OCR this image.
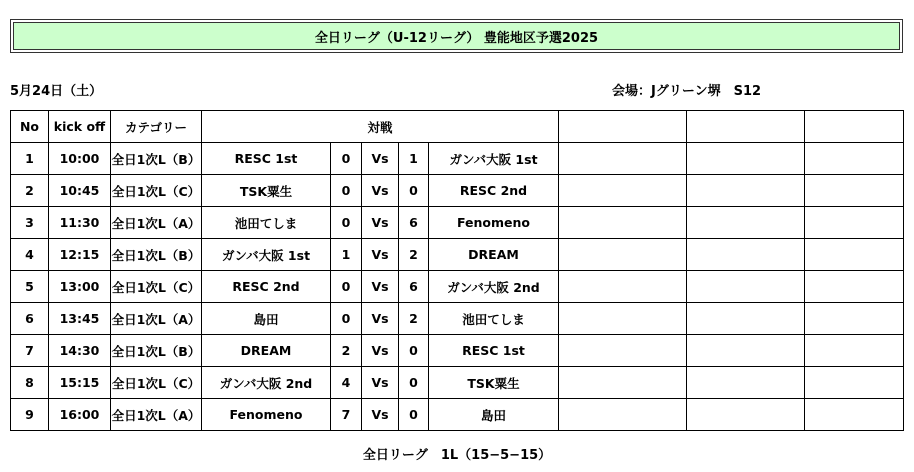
全日リーグ（U-12リーグ） 豊能地区予選2025
5月24日（土）	会場：Jグリーン堺　S12
No	kick off	カテゴリー	対戦							
1	10:00	全日1次L（B）	RESC 1st	0	Vs	1	ガンバ大阪 1st			
2	10:45	全日1次L（C）	TSK粟生	0	Vs	0	RESC 2nd			
3	11:30	全日1次L（A）	池田てしま	0	Vs	6	Fenomeno			
4	12:15	全日1次L（B）	ガンバ大阪 1st	1	Vs	2	DREAM			
5	13:00	全日1次L（C）	RESC 2nd	0	Vs	6	ガンバ大阪 2nd			
6	13:45	全日1次L（A）	島田	0	Vs	2	池田てしま			
7	14:30	全日1次L（B）	DREAM	2	Vs	0	RESC 1st			
8	15:15	全日1次L（C）	ガンバ大阪 2nd	4	Vs	0	TSK粟生			
9	16:00	全日1次L（A）	Fenomeno	7	Vs	0	島田			
全日リーグ　1L（15−5−15）
